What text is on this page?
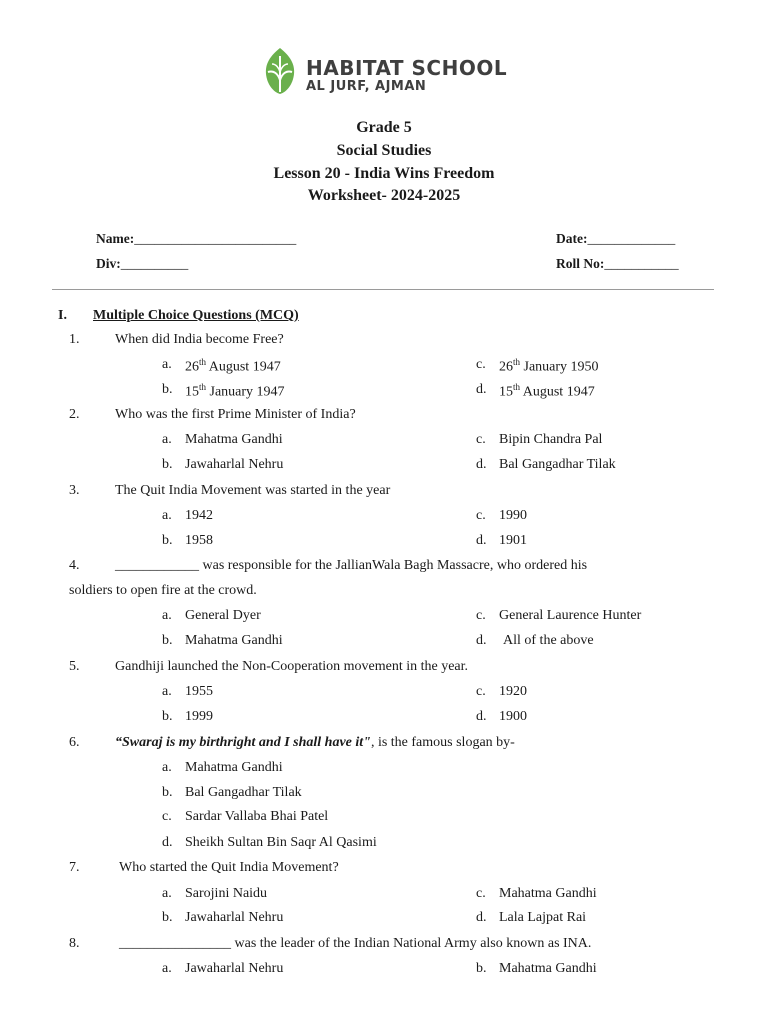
HABITAT SCHOOL
AL JURF, AJMAN
Grade 5
Social Studies
Lesson 20 - India Wins Freedom
Worksheet- 2024-2025
Name:________________________	Date:_____________
Div:__________	Roll No:___________
I. Multiple Choice Questions (MCQ)
1.	When did India become Free?
a. 26th August 1947	c. 26th January 1950
b. 15th January 1947	d. 15th August 1947
2.	Who was the first Prime Minister of India?
a. Mahatma Gandhi	c. Bipin Chandra Pal
b. Jawaharlal Nehru	d. Bal Gangadhar Tilak
3.	The Quit India Movement was started in the year
a. 1942	c. 1990
b. 1958	d. 1901
4.	____________ was responsible for the JallianWala Bagh Massacre, who ordered his
soldiers to open fire at the crowd.
a. General Dyer	c. General Laurence Hunter
b. Mahatma Gandhi	d. All of the above
5.	Gandhiji launched the Non-Cooperation movement in the year.
a. 1955	c. 1920
b. 1999	d. 1900
6.	“Swaraj is my birthright and I shall have it", is the famous slogan by-
a. Mahatma Gandhi
b. Bal Gangadhar Tilak
c. Sardar Vallaba Bhai Patel
d. Sheikh Sultan Bin Saqr Al Qasimi
7.	Who started the Quit India Movement?
a. Sarojini Naidu	c. Mahatma Gandhi
b. Jawaharlal Nehru	d. Lala Lajpat Rai
8.	________________ was the leader of the Indian National Army also known as INA.
a. Jawaharlal Nehru	b. Mahatma Gandhi
